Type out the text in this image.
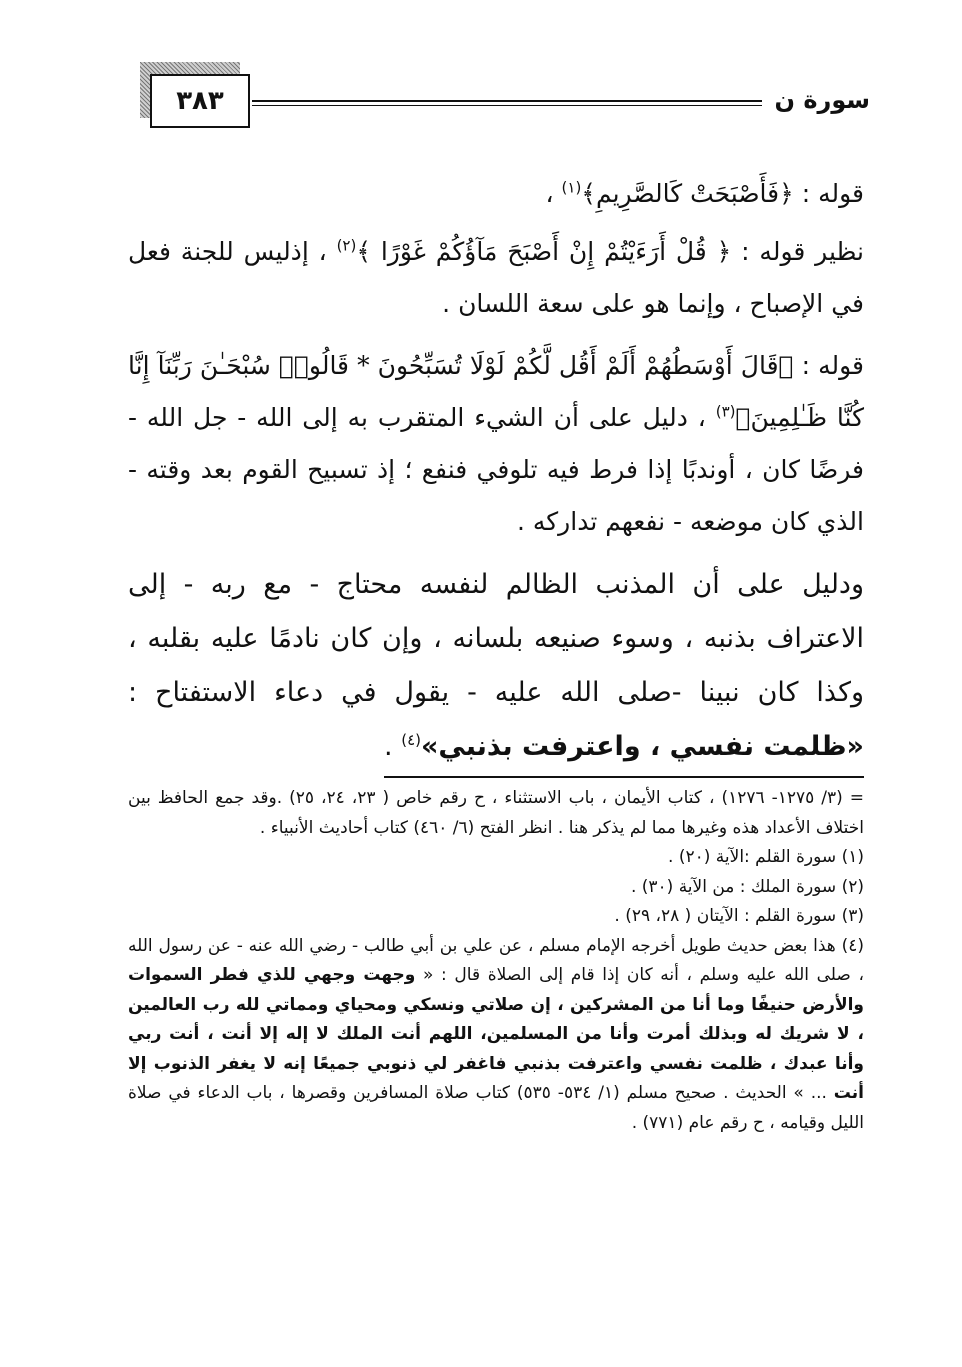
٣٨٣	سورة ن

قوله : ﴿فَأَصْبَحَتْ كَالصَّرِيمِ﴾$^{(١)}$ ،

نظير قوله : ﴿ قُلْ أَرَءَيْتُمْ إِنْ أَصْبَحَ مَآؤُكُمْ غَوْرًا ﴾$^{(٢)}$ ، إذليس للجنة فعل في الإصباح ، وإنما هو على سعة اللسان .

قوله : ﴿قَالَ أَوْسَطُهُمْ أَلَمْ أَقُل لَّكُمْ لَوْلَا تُسَبِّحُونَ * قَالُوا۟ سُبْحَـٰنَ رَبِّنَآ إِنَّا كُنَّا ظَـٰلِمِينَ﴾$^{(٣)}$ ، دليل على أن الشيء المتقرب به إلى الله - جل الله - فرضًا كان ، أوندبًا إذا فرط فيه تلوفي فنفع ؛ إذ تسبيح القوم بعد وقته - الذي كان موضعه - نفعهم تداركه .

ودليل على أن المذنب الظالم لنفسه محتاج - مع ربه - إلى الاعتراف بذنبه ، وسوء صنيعه بلسانه ، وإن كان نادمًا عليه بقلبه ، وكذا كان نبينا -صلى الله عليه - يقول في دعاء الاستفتاح : «ظلمت نفسي ، واعترفت بذنبي»$^{(٤)}$ .

= (٣/ ١٢٧٥- ١٢٧٦) ، كتاب الأيمان ، باب الاستثناء ، ح رقم خاص ( ٢٣، ٢٤، ٢٥) .وقد جمع الحافظ بين اختلاف الأعداد هذه وغيرها مما لم يذكر هنا . انظر الفتح (٦/ ٤٦٠) كتاب أحاديث الأنبياء .

(١) سورة القلم :الآية (٢٠) .

(٢) سورة الملك : من الآية (٣٠) .

(٣) سورة القلم : الآيتان ( ٢٨، ٢٩) .

(٤) هذا بعض حديث طويل أخرجه الإمام مسلم ، عن علي بن أبي طالب - رضي الله عنه - عن رسول الله ، صلى الله عليه وسلم ، أنه كان إذا قام إلى الصلاة قال : « وجهت وجهي للذي فطر السموات والأرض حنيفًا وما أنا من المشركين ، إن صلاتي ونسكي ومحياي ومماتي لله رب العالمين ، لا شريك له وبذلك أمرت وأنا من المسلمين، اللهم أنت الملك لا إله إلا أنت ، أنت ربي وأنا عبدك ، ظلمت نفسي واعترفت بذنبي فاغفر لي ذنوبي جميعًا إنه لا يغفر الذنوب إلا أنت ... » الحديث . صحيح مسلم (١/ ٥٣٤- ٥٣٥) كتاب صلاة المسافرين وقصرها ، باب الدعاء في صلاة الليل وقيامه ، ح رقم عام (٧٧١) .
